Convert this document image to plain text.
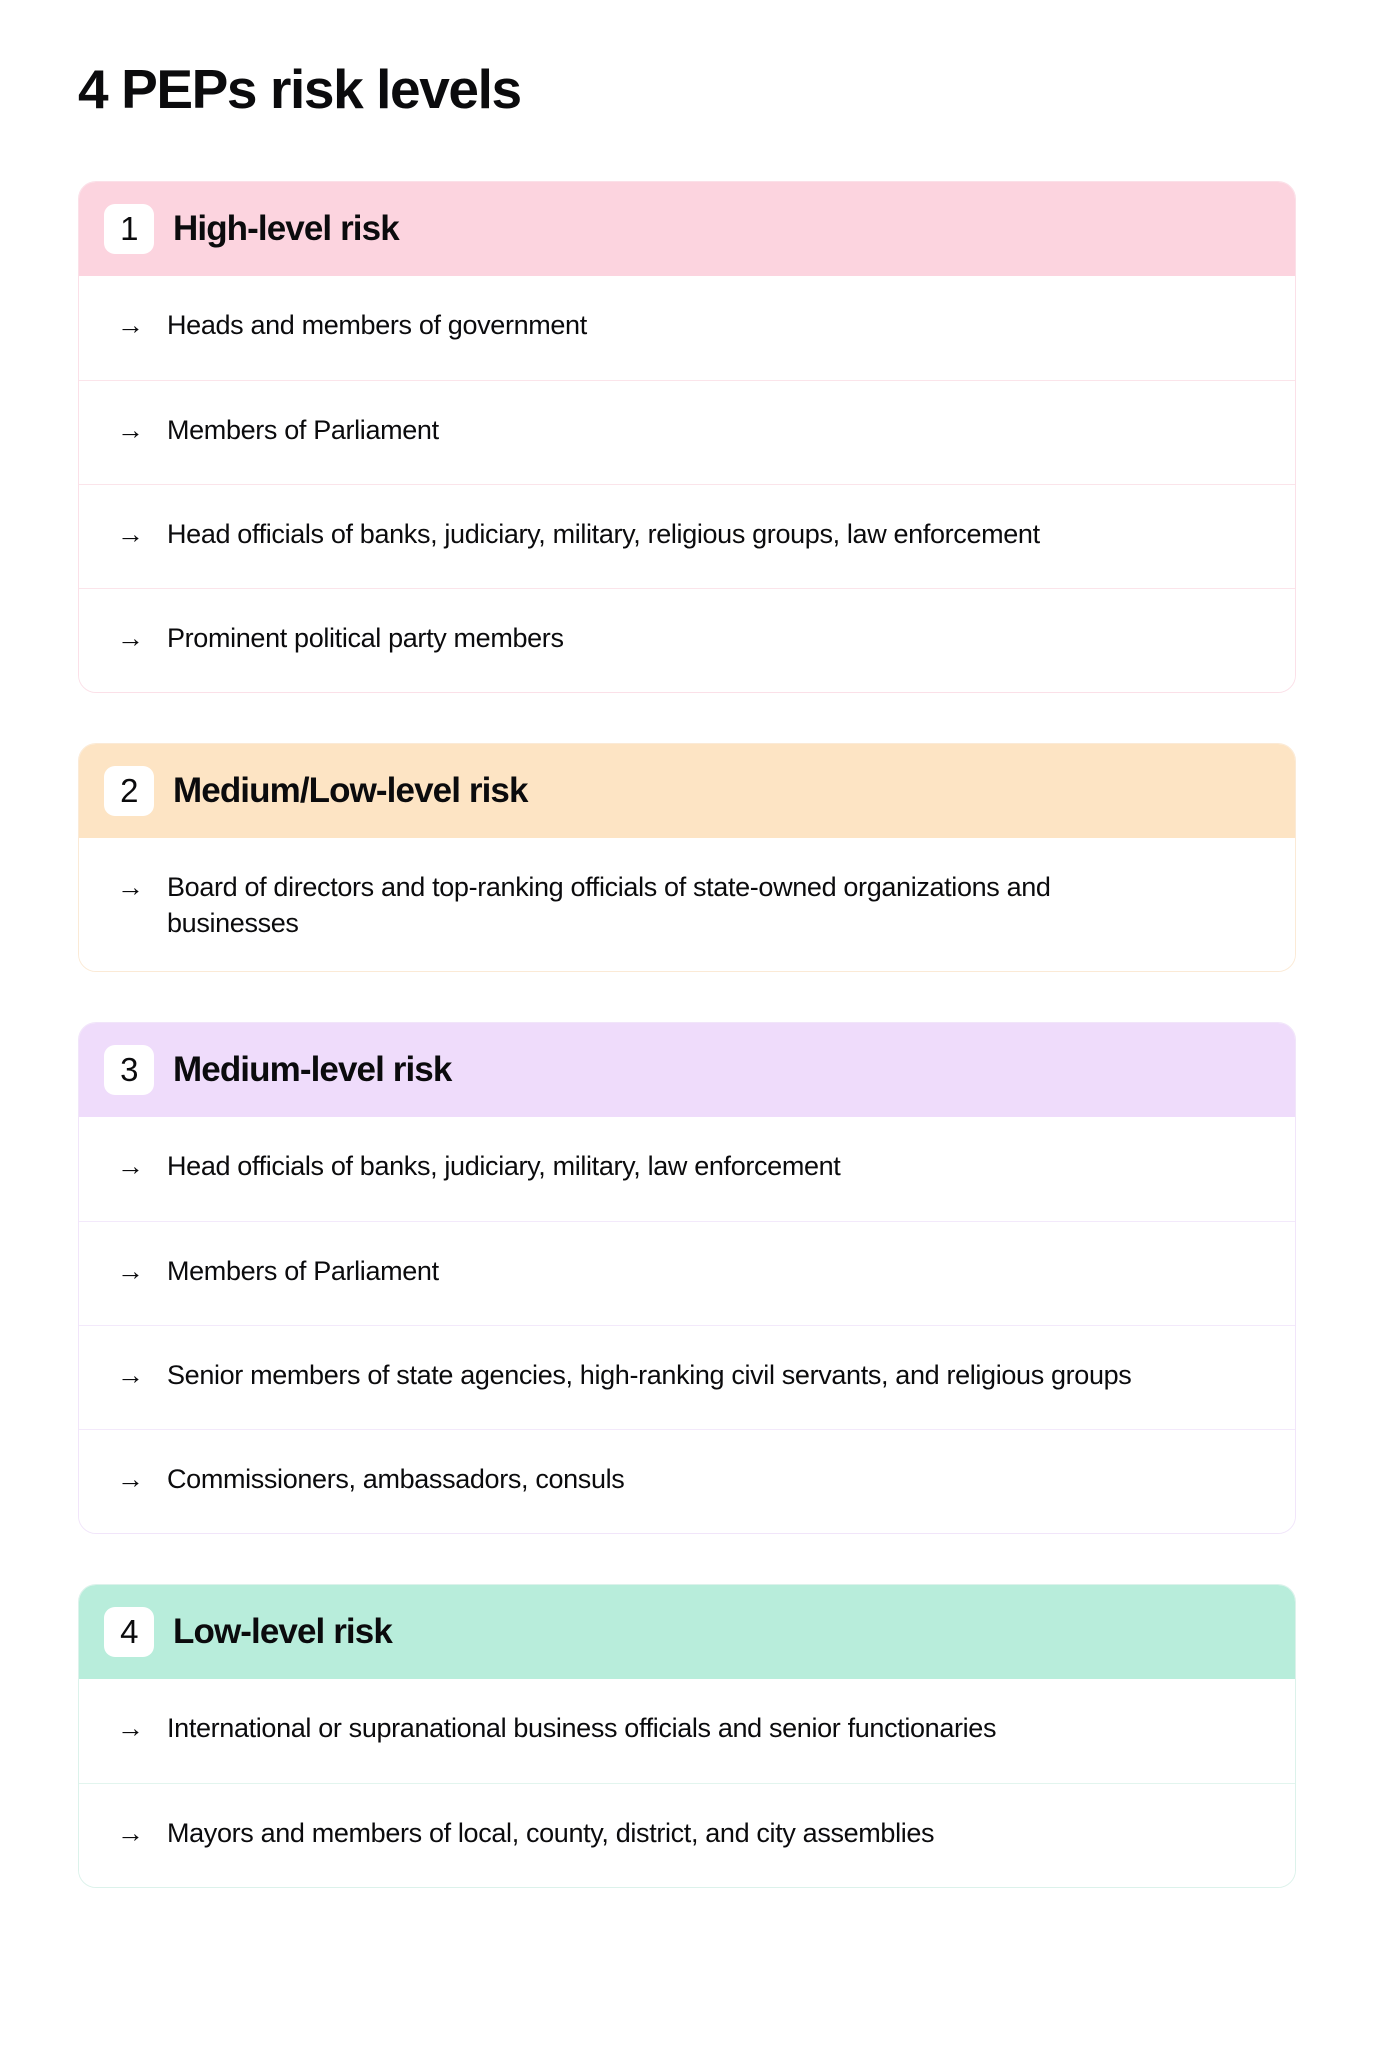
4 PEPs risk levels
1	High-level risk
→ Heads and members of government
→ Members of Parliament
→ Head officials of banks, judiciary, military, religious groups, law enforcement
→ Prominent political party members
2	Medium/Low-level risk
→ Board of directors and top-ranking officials of state-owned organizations and businesses
3	Medium-level risk
→ Head officials of banks, judiciary, military, law enforcement
→ Members of Parliament
→ Senior members of state agencies, high-ranking civil servants, and religious groups
→ Commissioners, ambassadors, consuls
4	Low-level risk
→ International or supranational business officials and senior functionaries
→ Mayors and members of local, county, district, and city assemblies
